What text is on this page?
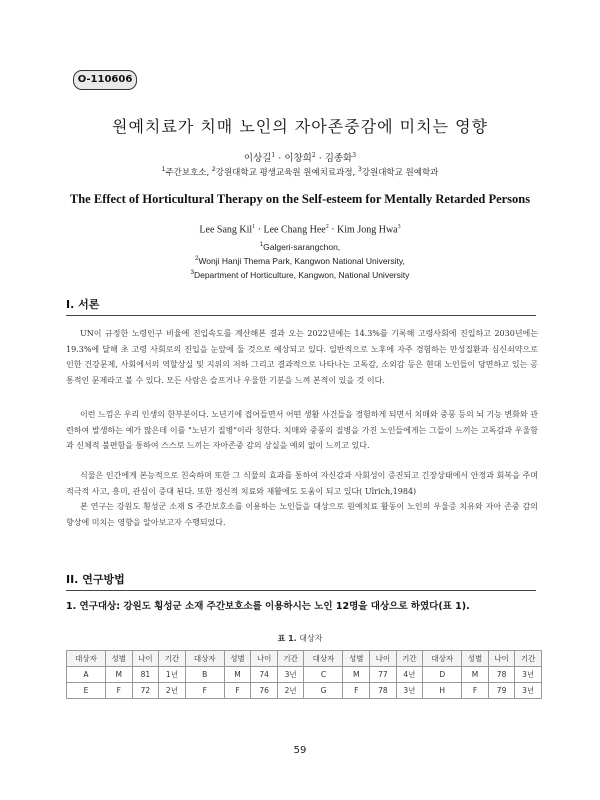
O-110606
원예치료가 치매 노인의 자아존중감에 미치는 영향
이상길$^1$ · 이창희$^2$ · 김종화$^3$
$^1$주간보호소, $^2$강원대학교 평생교육원 원예치료과정, $^3$강원대학교 원예학과
The Effect of Horticultural Therapy on the Self-esteem for Mentally Retarded Persons
Lee Sang Kil$^1$ · Lee Chang Hee$^2$ · Kim Jong Hwa$^3$
$^1$Galgeri-sarangchon,
$^2$Wonji Hanji Thema Park, Kangwon National University,
$^3$Department of Horticulture, Kangwon, National University
I. 서론

UN이 규정한 노령인구 비율에 진입속도를 계산해본 결과 오는 2022년에는 14.3%를 기록해 고령사회에 진입하고 2030년에는 19.3%에 달해 초 고령 사회로의 진입을 눈앞에 둘 것으로 예상되고 있다. 일반적으로 노후에 자주 경험하는 만성질환과 심신쇠약으로 인한 건강문제, 사회에서의 역할상실 및 지위의 저하 그리고 결과적으로 나타나는 고독감, 소외감 등은 현대 노인들이 당면하고 있는 공통적인 문제라고 볼 수 있다. 모든 사람은 슬프거나 우울한 기분을 느껴 본적이 있을 것 이다.

이런 느낌은 우리 인생의 한부분이다. 노년기에 접어들면서 어떤 생활 사건들을 경험하게 되면서 치매와 중풍 등의 뇌 기능 변화와 관련하여 발생하는 예가 많은데 이를 "노년기 질병"이라 칭한다. 치매와 중풍의 질병을 가진 노인들에게는 그들이 느끼는 고독감과 우울함과 신체적 불편함을 통하여 스스로 느끼는 자아존중 감의 상실을 예외 없이 느끼고 있다.

식물은 인간에게 본능적으로 친숙하며 또한 그 식물의 효과를 통하여 자신감과 사회성이 증진되고 긴장상태에서 안정과 회복을 주며 적극적 사고, 흥미, 관심이 증대 된다. 또한 정신적 치료와 재활에도 도움이 되고 있다( Ulrich,1984)

본 연구는 강원도 횡성군 소재 S 주간보호소를 이용하는 노인들을 대상으로 원예치료 활동이 노인의 우울증 치유와 자아 존중 감의 향상에 미치는 영향을 알아보고자 수행되었다.

II. 연구방법
1. 연구대상: 강원도 횡성군 소재 주간보호소를 이용하시는 노인 12명을 대상으로 하였다(표 1).
표 1. 대상자
대상자	성별	나이	기간	대상자	성별	나이	기간	대상자	성별	나이	기간	대상자	성별	나이	기간
A	M	81	1년	B	M	74	3년	C	M	77	4년	D	M	78	3년
E	F	72	2년	F	F	76	2년	G	F	78	3년	H	F	79	3년
59
